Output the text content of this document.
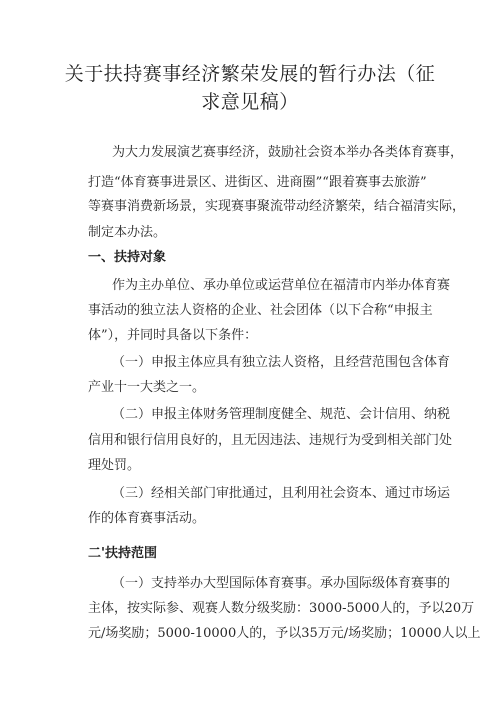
关于扶持赛事经济繁荣发展的暂行办法（征
求意见稿）
为大力发展演艺赛事经济，鼓励社会资本举办各类体育赛事，
打造“体育赛事进景区、进街区、进商圈”“跟着赛事去旅游”
等赛事消费新场景，实现赛事聚流带动经济繁荣，结合福清实际，
制定本办法。
一、扶持对象
作为主办单位、承办单位或运营单位在福清市内举办体育赛
事活动的独立法人资格的企业、社会团体（以下合称“申报主
体”），并同时具备以下条件：
（一）申报主体应具有独立法人资格，且经营范围包含体育
产业十一大类之一。
（二）申报主体财务管理制度健全、规范、会计信用、纳税
信用和银行信用良好的，且无因违法、违规行为受到相关部门处
理处罚。
（三）经相关部门审批通过，且利用社会资本、通过市场运
作的体育赛事活动。
二'扶持范围
（一）支持举办大型国际体育赛事。承办国际级体育赛事的
主体，按实际参、观赛人数分级奖励：3000-5000人的，予以20万
元/场奖励；5000-10000人的，予以35万元/场奖励；10000人以上
